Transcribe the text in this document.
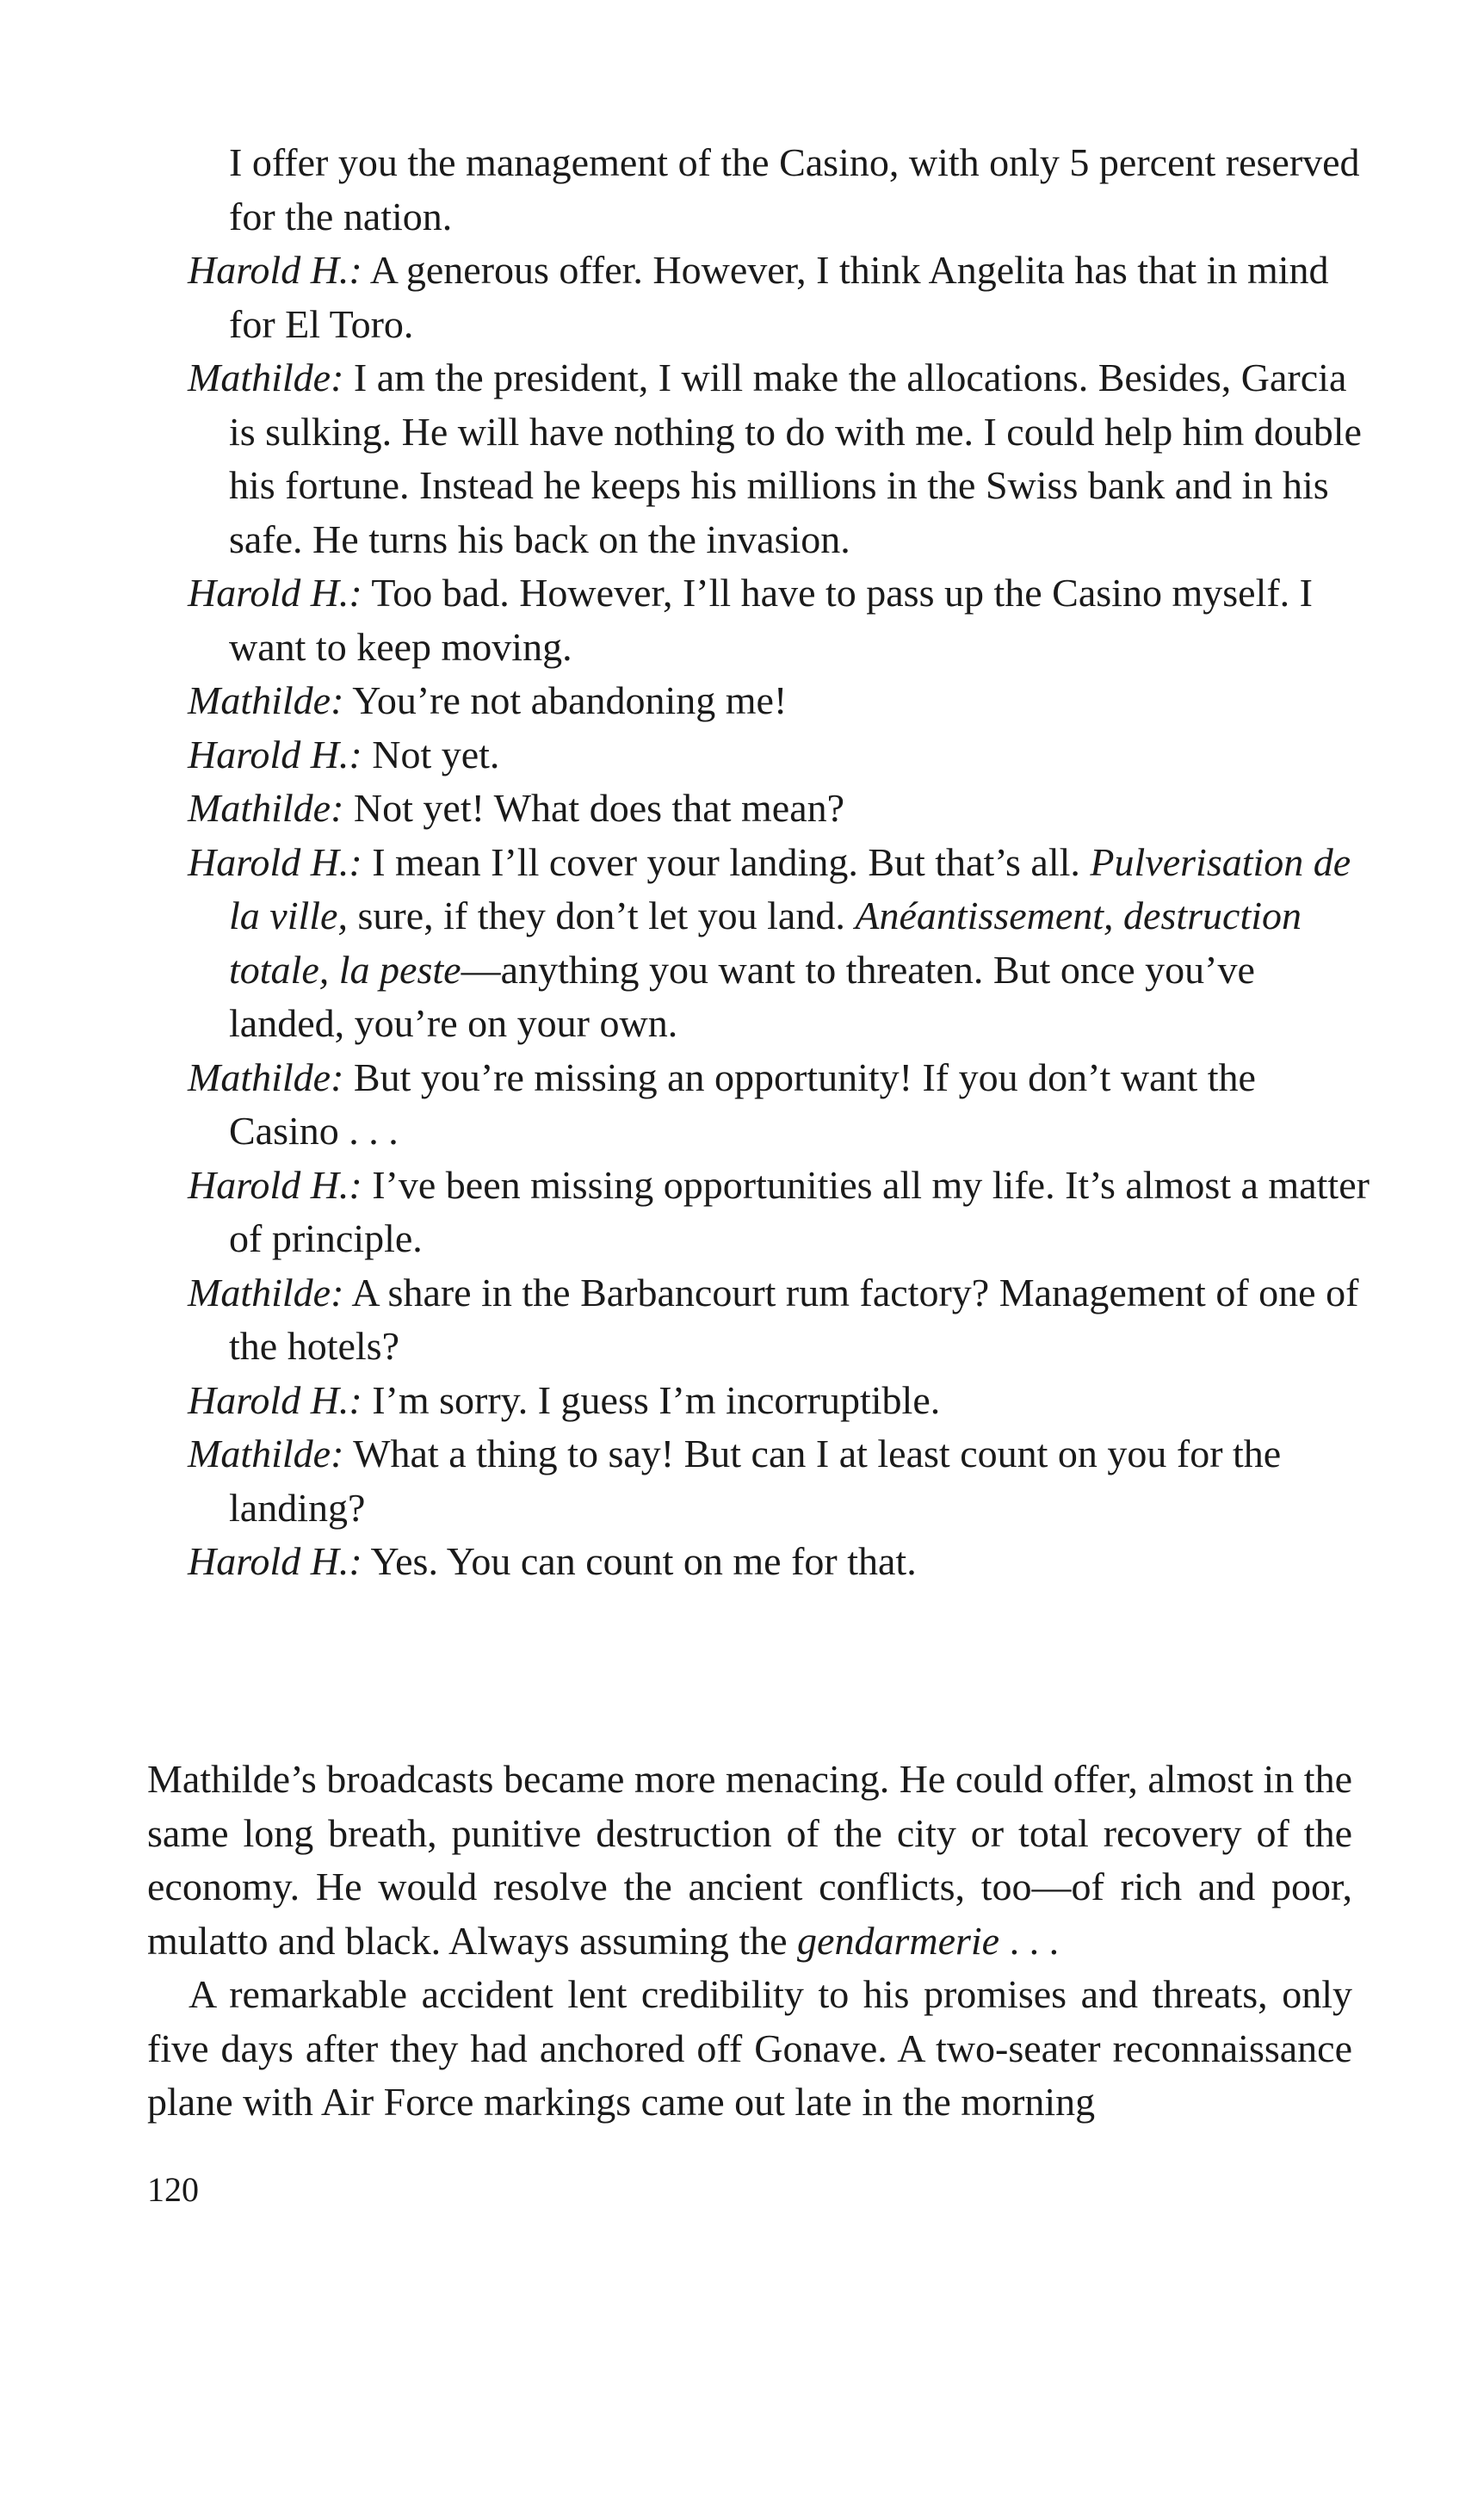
I offer you the management of the Casino, with only 5 percent reserved for the nation.

Harold H.: A generous offer. However, I think Angelita has that in mind for El Toro.

Mathilde: I am the president, I will make the allocations. Besides, Garcia is sulking. He will have nothing to do with me. I could help him double his fortune. Instead he keeps his millions in the Swiss bank and in his safe. He turns his back on the invasion.

Harold H.: Too bad. However, I’ll have to pass up the Casino myself. I want to keep moving.

Mathilde: You’re not abandoning me!

Harold H.: Not yet.

Mathilde: Not yet! What does that mean?

Harold H.: I mean I’ll cover your landing. But that’s all. Pulverisation de la ville, sure, if they don’t let you land. Anéantissement, destruction totale, la peste—anything you want to threaten. But once you’ve landed, you’re on your own.

Mathilde: But you’re missing an opportunity! If you don’t want the Casino . . .

Harold H.: I’ve been missing opportunities all my life. It’s almost a matter of principle.

Mathilde: A share in the Barbancourt rum factory? Management of one of the hotels?

Harold H.: I’m sorry. I guess I’m incorruptible.

Mathilde: What a thing to say! But can I at least count on you for the landing?

Harold H.: Yes. You can count on me for that.

Mathilde’s broadcasts became more menacing. He could offer, almost in the same long breath, punitive destruction of the city or total recovery of the economy. He would resolve the ancient conflicts, too—of rich and poor, mulatto and black. Always assuming the gendarmerie . . .

A remarkable accident lent credibility to his promises and threats, only five days after they had anchored off Gonave. A two-seater reconnaissance plane with Air Force markings came out late in the morning

120
